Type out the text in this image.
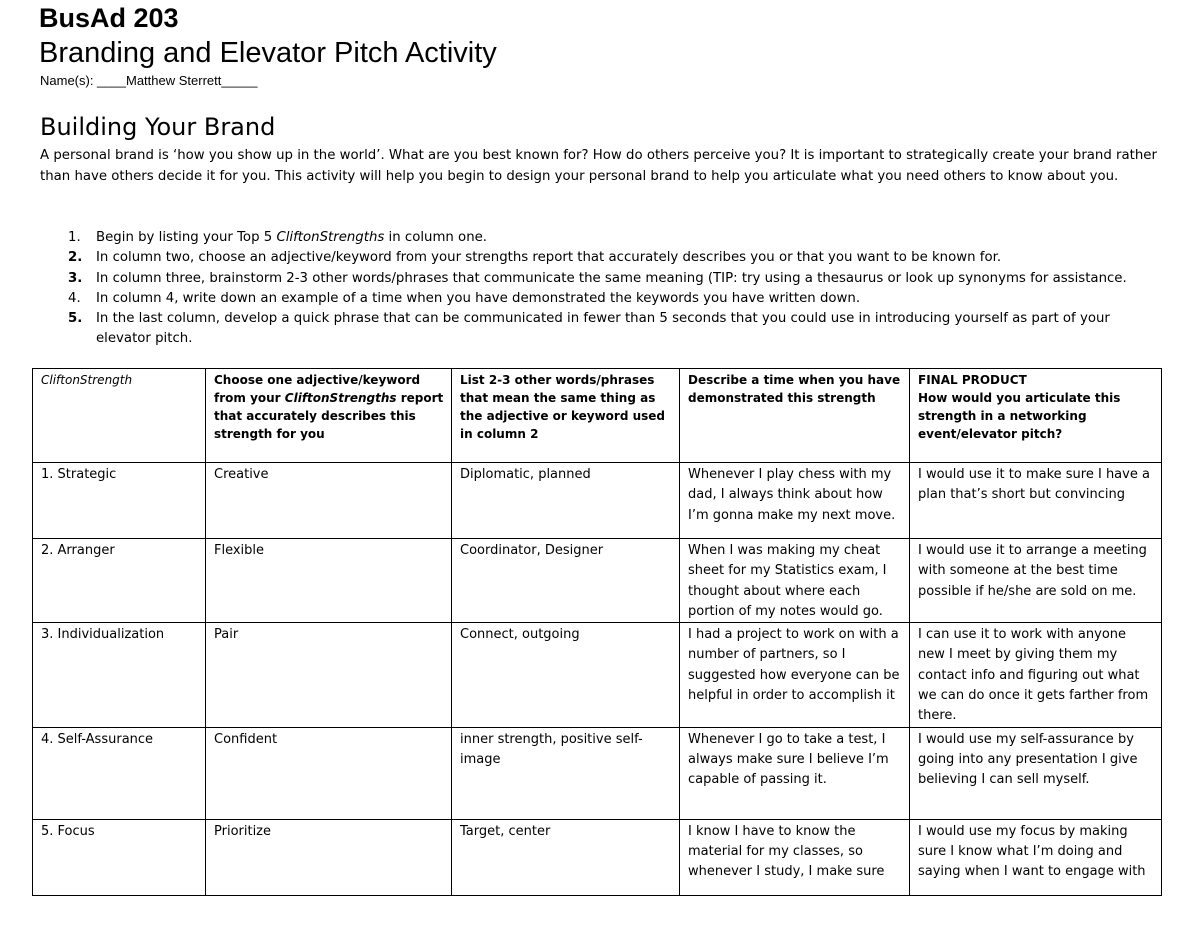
BusAd 203
Branding and Elevator Pitch Activity
Name(s): ____Matthew Sterrett_____
Building Your Brand
A personal brand is ‘how you show up in the world’. What are you best known for? How do others perceive you? It is important to strategically create your brand rather than have others decide it for you. This activity will help you begin to design your personal brand to help you articulate what you need others to know about you.
1. Begin by listing your Top 5 CliftonStrengths in column one.
2. In column two, choose an adjective/keyword from your strengths report that accurately describes you or that you want to be known for.
3. In column three, brainstorm 2-3 other words/phrases that communicate the same meaning (TIP: try using a thesaurus or look up synonyms for assistance.
4. In column 4, write down an example of a time when you have demonstrated the keywords you have written down.
5. In the last column, develop a quick phrase that can be communicated in fewer than 5 seconds that you could use in introducing yourself as part of your elevator pitch.
CliftonStrength	Choose one adjective/keyword from your CliftonStrengths report that accurately describes this strength for you	List 2-3 other words/phrases that mean the same thing as the adjective or keyword used in column 2	Describe a time when you have demonstrated this strength	FINAL PRODUCT
How would you articulate this strength in a networking event/elevator pitch?

1. Strategic	Creative	Diplomatic, planned	Whenever I play chess with my dad, I always think about how I’m gonna make my next move.	I would use it to make sure I have a plan that’s short but convincing
2. Arranger	Flexible	Coordinator, Designer	When I was making my cheat sheet for my Statistics exam, I thought about where each portion of my notes would go.	I would use it to arrange a meeting with someone at the best time possible if he/she are sold on me.
3. Individualization	Pair	Connect, outgoing	I had a project to work on with a number of partners, so I suggested how everyone can be helpful in order to accomplish it	I can use it to work with anyone new I meet by giving them my contact info and figuring out what we can do once it gets farther from there.
4. Self-Assurance	Confident	inner strength, positive self-image	Whenever I go to take a test, I always make sure I believe I’m capable of passing it.	I would use my self-assurance by going into any presentation I give believing I can sell myself.
5. Focus	Prioritize	Target, center	I know I have to know the material for my classes, so whenever I study, I make sure	I would use my focus by making sure I know what I’m doing and saying when I want to engage with
